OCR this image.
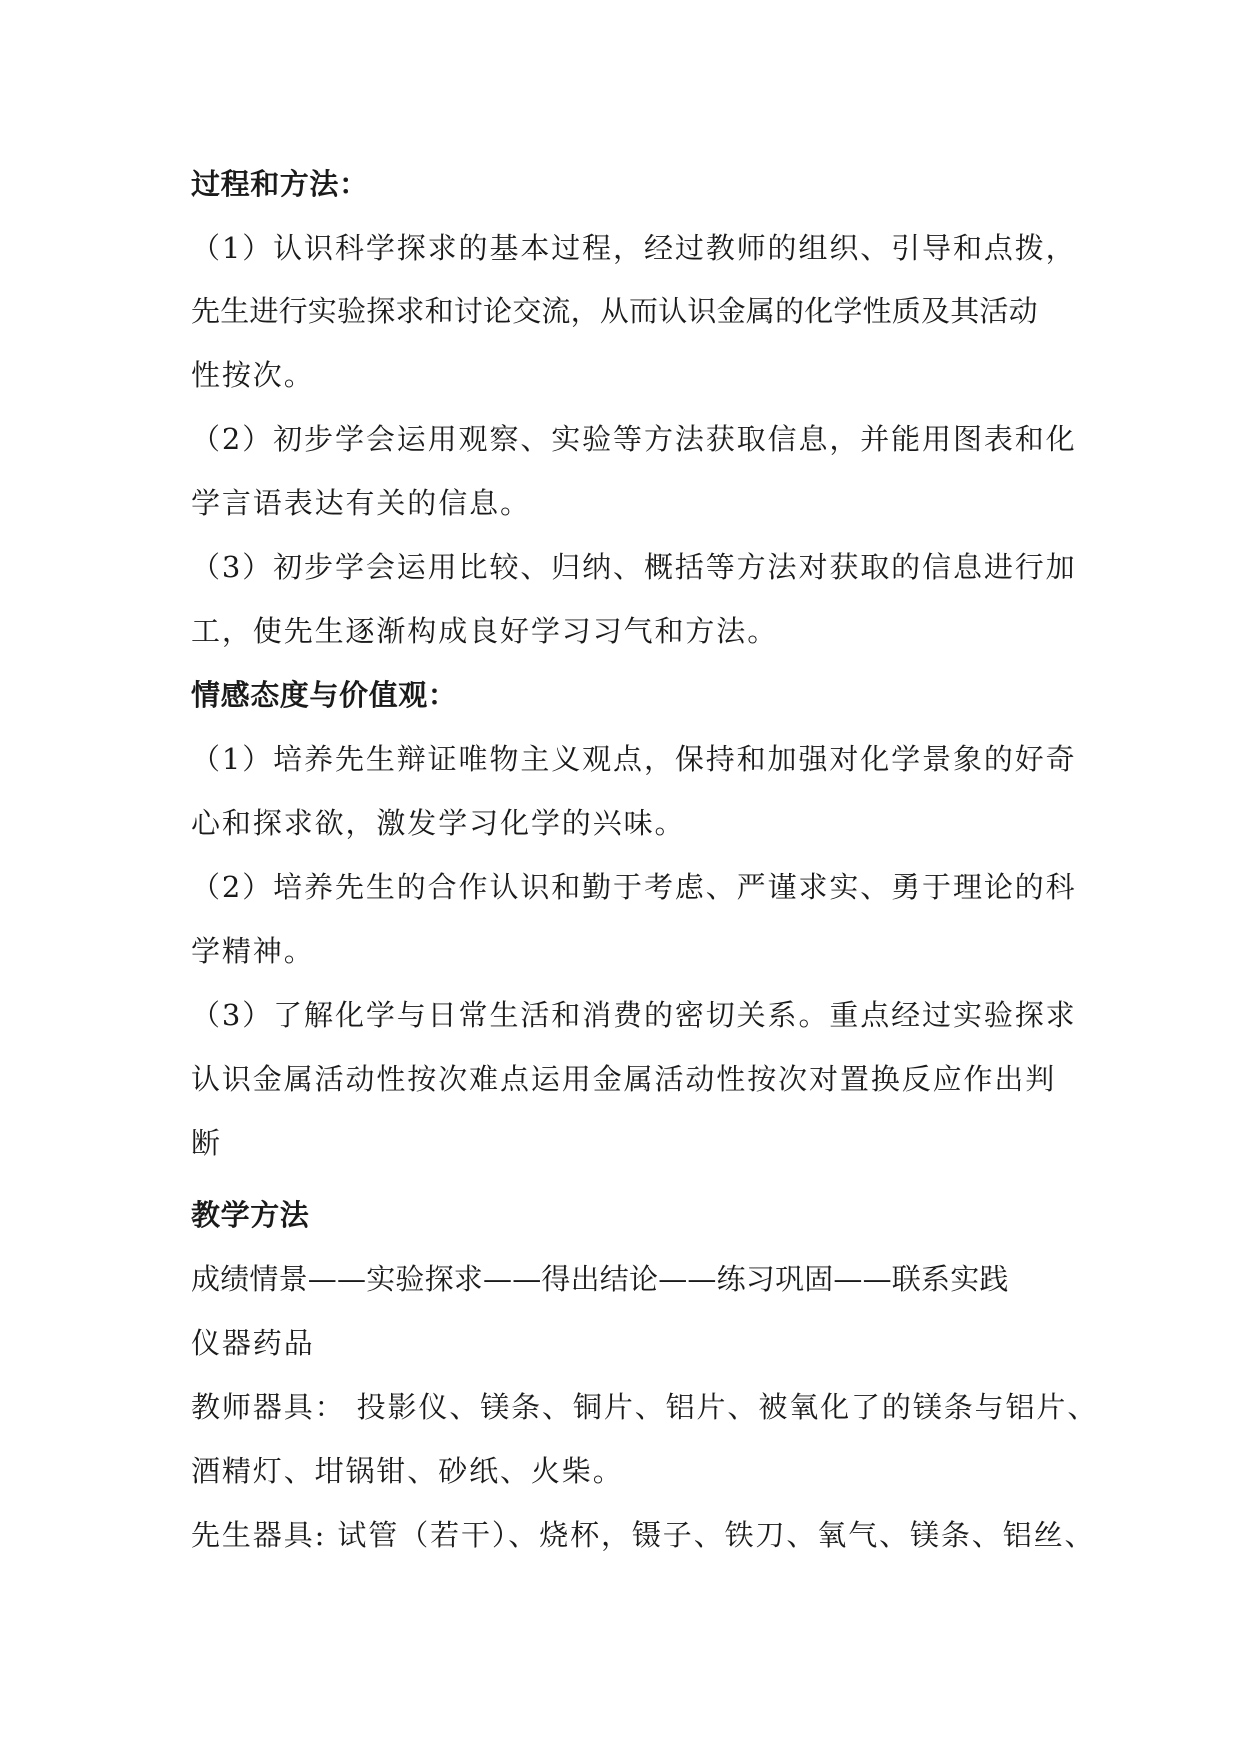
过程和方法：
（1）认识科学探求的基本过程，经过教师的组织、引导和点拨，
先生进行实验探求和讨论交流，从而认识金属的化学性质及其活动
性按次。
（2）初步学会运用观察、实验等方法获取信息，并能用图表和化
学言语表达有关的信息。
（3）初步学会运用比较、归纳、概括等方法对获取的信息进行加
工，使先生逐渐构成良好学习习气和方法。
情感态度与价值观：
（1）培养先生辩证唯物主义观点，保持和加强对化学景象的好奇
心和探求欲，激发学习化学的兴味。
（2）培养先生的合作认识和勤于考虑、严谨求实、勇于理论的科
学精神。
（3）了解化学与日常生活和消费的密切关系。重点经过实验探求
认识金属活动性按次难点运用金属活动性按次对置换反应作出判
断
教学方法
成绩情景——实验探求——得出结论——练习巩固——联系实践
仪器药品
教师器具： 投影仪、镁条、铜片、铝片、被氧化了的镁条与铝片、
酒精灯、坩锅钳、砂纸、火柴。
先生器具: 试管（若干）、烧杯，镊子、铁刀、氧气、镁条、铝丝、
